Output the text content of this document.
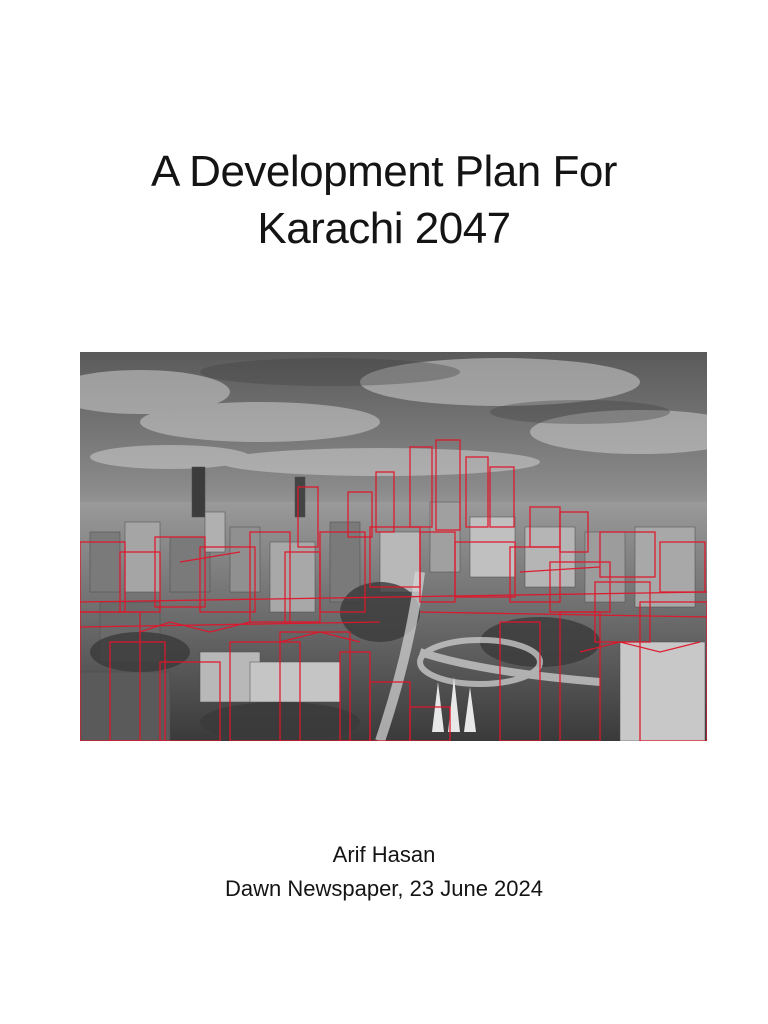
A Development Plan For
Karachi 2047
Arif Hasan
Dawn Newspaper, 23 June 2024
